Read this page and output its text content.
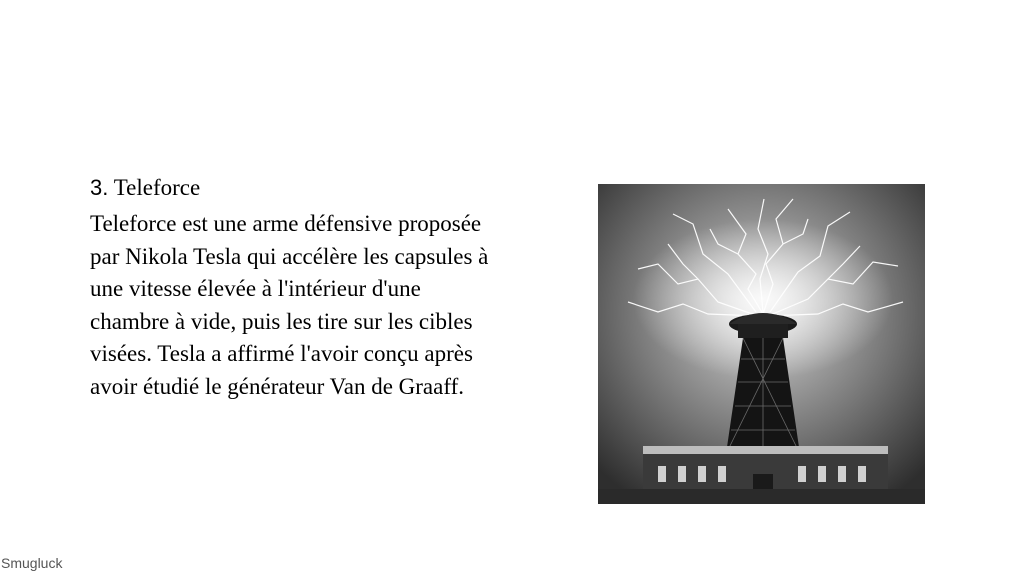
3. Teleforce

Teleforce est une arme défensive proposée par Nikola Tesla qui accélère les capsules à une vitesse élevée à l'intérieur d'une chambre à vide, puis les tire sur les cibles visées. Tesla a affirmé l'avoir conçu après avoir étudié le générateur Van de Graaff.

Smugluck
